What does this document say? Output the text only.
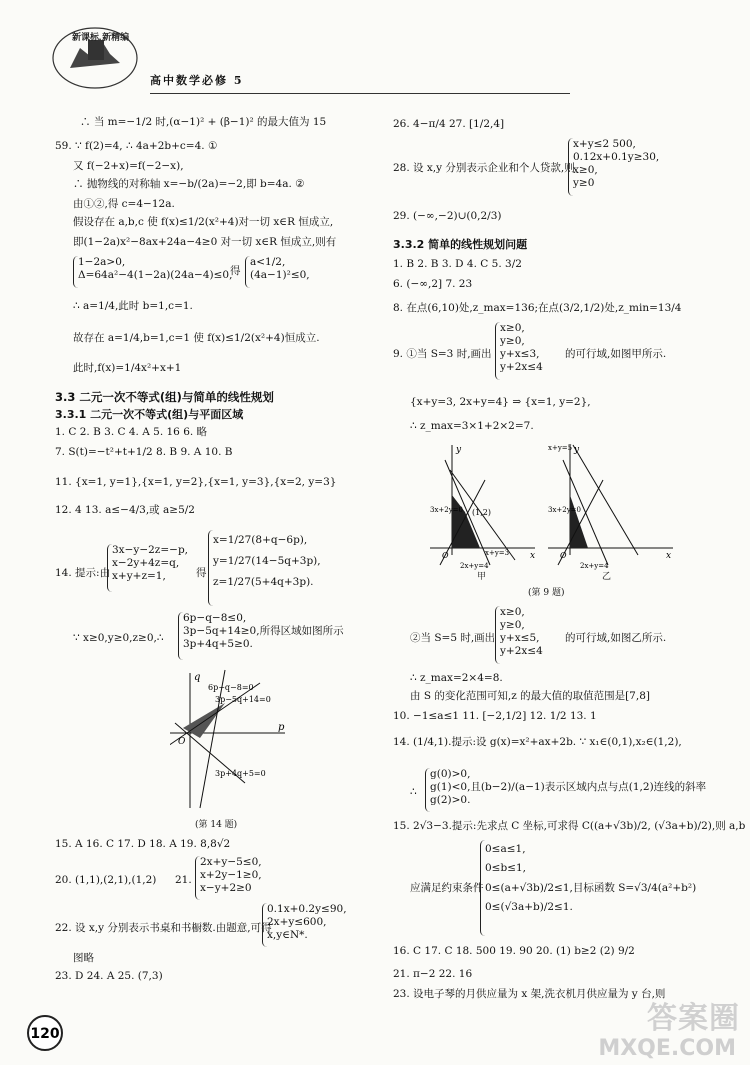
新课标 新精编
高中数学必修 5
∴ 当 m=−1/2 时,(α−1)² + (β−1)² 的最大值为 15
59. ∵ f(2)=4, ∴ 4a+2b+c=4. ①
又 f(−2+x)=f(−2−x),
∴ 抛物线的对称轴 x=−b/(2a)=−2,即 b=4a. ②
由①②,得 c=4−12a.
假设存在 a,b,c 使 f(x)≤1/2(x²+4)对一切 x∈R 恒成立,
即(1−2a)x²−8ax+24a−4≥0 对一切 x∈R 恒成立,则有
1−2a>0,
Δ=64a²−4(1−2a)(24a−4)≤0,
得
a<1/2,
(4a−1)²≤0,
∴ a=1/4,此时 b=1,c=1.
故存在 a=1/4,b=1,c=1 使 f(x)≤1/2(x²+4)恒成立.
此时,f(x)=1/4x²+x+1
3.3 二元一次不等式(组)与简单的线性规划
3.3.1 二元一次不等式(组)与平面区域
1. C 2. B 3. C 4. A 5. 16 6. 略
7. S(t)=−t²+t+1/2 8. B 9. A 10. B
11. {x=1, y=1},{x=1, y=2},{x=1, y=3},{x=2, y=3}
12. 4 13. a≤−4/3,或 a≥5/2
14. 提示:由
3x−y−2z=−p,
x−2y+4z=q,
x+y+z=1,	得
x=1/27(8+q−6p),
y=1/27(14−5q+3p),
z=1/27(5+4q+3p).
∵ x≥0,y≥0,z≥0,∴
6p−q−8≤0,
3p−5q+14≥0,所得区域如图所示
3p+4q+5≥0.
q
p
O
6p−q−8=0
3p−5q+14=0
3p+4q+5=0
(第 14 题)
15. A 16. C 17. D 18. A 19. 8,8√2
20. (1,1),(2,1),(1,2) 21.
2x+y−5≤0,
x+2y−1≥0,
x−y+2≥0
22. 设 x,y 分别表示书桌和书橱数.由题意,可得
0.1x+0.2y≤90,
2x+y≤600,
x,y∈N*.
图略
23. D 24. A 25. (7,3)
26. 4−π/4 27. [1/2,4]
28. 设 x,y 分别表示企业和个人贷款,则
x+y≤2 500,
0.12x+0.1y≥30,
x≥0,
y≥0
29. (−∞,−2)∪(0,2/3)
3.3.2 简单的线性规划问题
1. B 2. B 3. D 4. C 5. 3/2
6. (−∞,2] 7. 23
8. 在点(6,10)处,z_max=136;在点(3/2,1/2)处,z_min=13/4
9. ①当 S=3 时,画出
x≥0,
y≥0,
y+x≤3,
y+2x≤4
的可行域,如图甲所示.
{x+y=3, 2x+y=4} ⇒ {x=1, y=2},
∴ z_max=3×1+2×2=7.
y
x
O
(1,2)
3x+2y=0
2x+y=4
x+y=3
甲
y
x
O
x+y=5
3x+2y=0
2x+y=4
乙
(第 9 题)
②当 S=5 时,画出
x≥0,
y≥0,
y+x≤5,
y+2x≤4
的可行域,如图乙所示.
∴ z_max=2×4=8.
由 S 的变化范围可知,z 的最大值的取值范围是[7,8]
10. −1≤a≤1 11. [−2,1/2] 12. 1/2 13. 1
14. (1/4,1).提示:设 g(x)=x²+ax+2b. ∵ x₁∈(0,1),x₂∈(1,2),
∴
g(0)>0,
g(1)<0,且(b−2)/(a−1)表示区域内点与点(1,2)连线的斜率
g(2)>0.
15. 2√3−3.提示:先求点 C 坐标,可求得 C((a+√3b)/2, (√3a+b)/2),则 a,b
应满足约束条件
0≤a≤1,
0≤b≤1,
0≤(a+√3b)/2≤1,目标函数 S=√3/4(a²+b²)
0≤(√3a+b)/2≤1.
16. C 17. C 18. 500 19. 90 20. (1) b≥2 (2) 9/2
21. π−2 22. 16
23. 设电子琴的月供应量为 x 架,洗衣机月供应量为 y 台,则
120	答案圈
MXQE.COM
